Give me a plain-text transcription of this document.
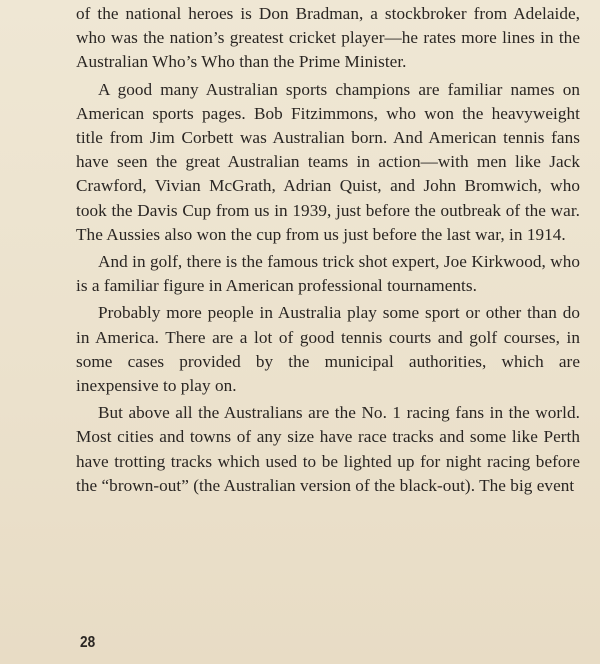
of the national heroes is Don Bradman, a stockbroker from Adelaide, who was the nation’s greatest cricket player—he rates more lines in the Australian Who’s Who than the Prime Minister.

A good many Australian sports champions are familiar names on American sports pages. Bob Fitzimmons, who won the heavyweight title from Jim Corbett was Australian born. And American tennis fans have seen the great Australian teams in action—with men like Jack Crawford, Vivian McGrath, Adrian Quist, and John Bromwich, who took the Davis Cup from us in 1939, just before the outbreak of the war. The Aussies also won the cup from us just before the last war, in 1914.

And in golf, there is the famous trick shot expert, Joe Kirkwood, who is a familiar figure in American professional tournaments.

Probably more people in Australia play some sport or other than do in America. There are a lot of good tennis courts and golf courses, in some cases provided by the municipal authorities, which are inexpensive to play on.

But above all the Australians are the No. 1 racing fans in the world. Most cities and towns of any size have race tracks and some like Perth have trotting tracks which used to be lighted up for night racing before the “brown-out” (the Australian version of the black-out). The big event

28
